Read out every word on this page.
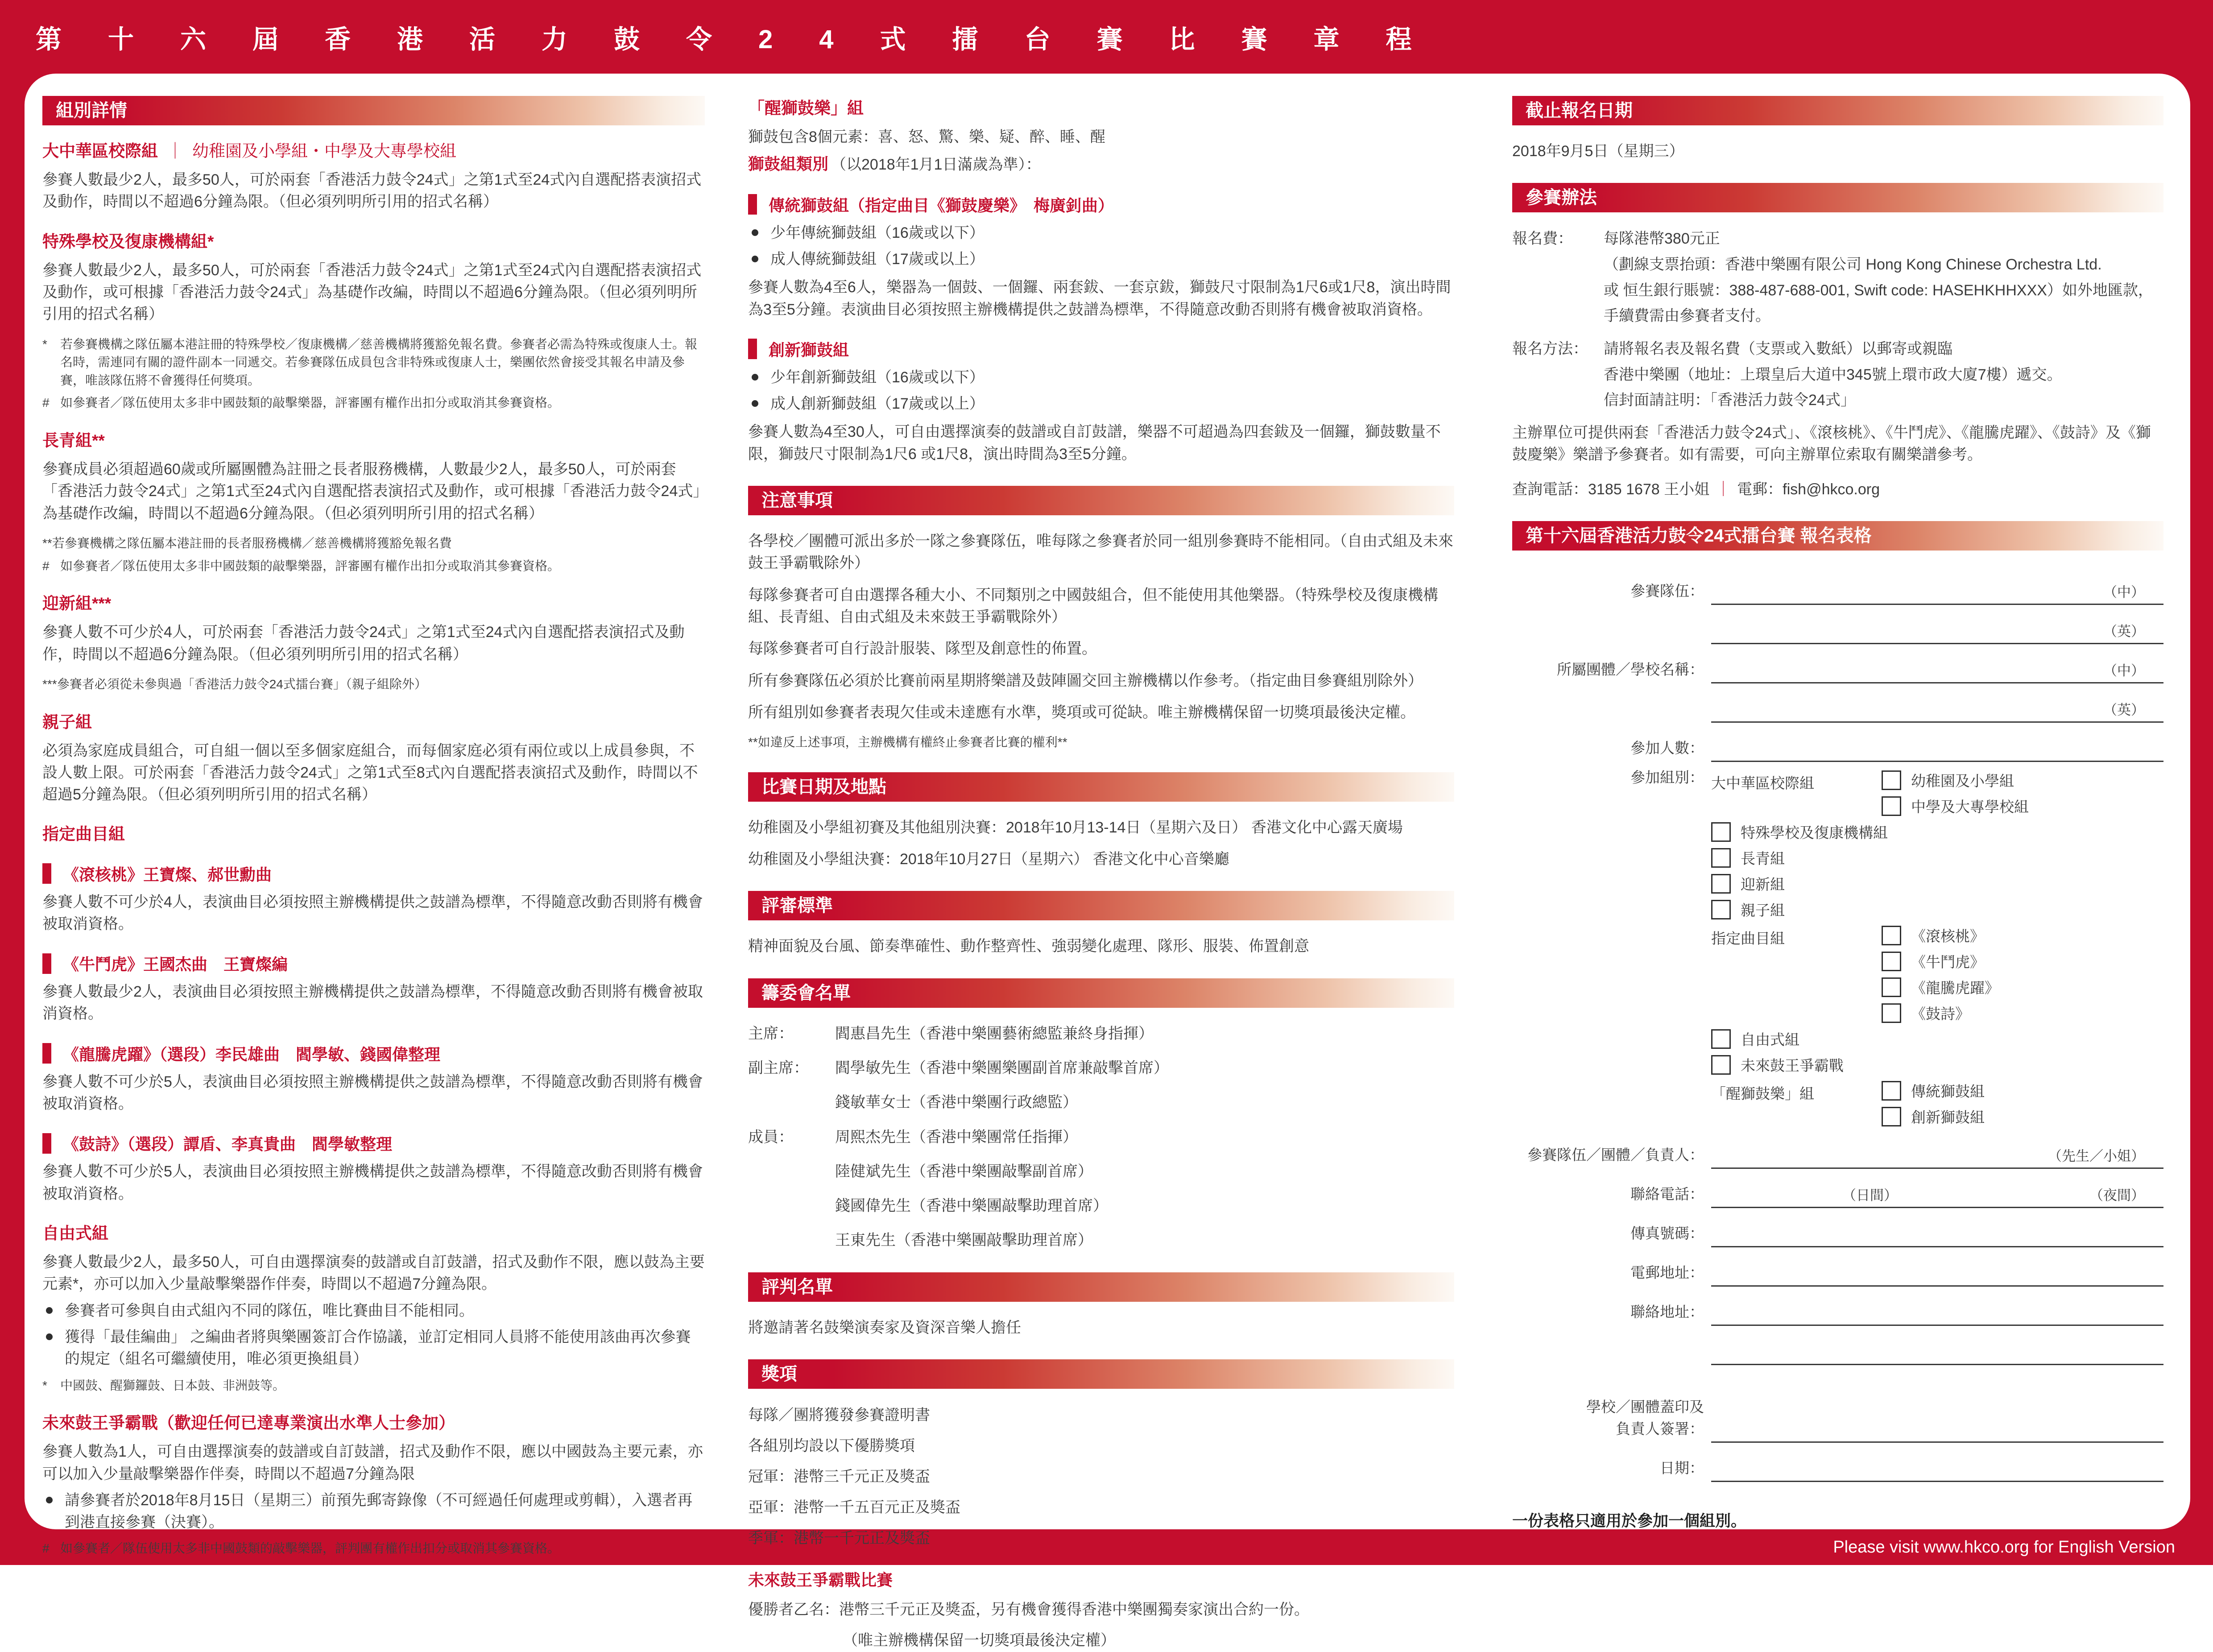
第十六屆香港活力鼓令24式擂台賽比賽章程
組別詳情
大中華區校際組 ｜ 幼稚園及小學組・中學及大專學校組

參賽人數最少2人，最多50人，可於兩套「香港活力鼓令24式」之第1式至24式內自選配搭表演招式及動作，時間以不超過6分鐘為限。（但必須列明所引用的招式名稱）

特殊學校及復康機構組*

參賽人數最少2人，最多50人，可於兩套「香港活力鼓令24式」之第1式至24式內自選配搭表演招式及動作，或可根據「香港活力鼓令24式」為基礎作改編，時間以不超過6分鐘為限。（但必須列明所引用的招式名稱）

*	若參賽機構之隊伍屬本港註冊的特殊學校／復康機構／慈善機構將獲豁免報名費。參賽者必需為特殊或復康人士。報名時，需連同有關的證件副本一同遞交。若參賽隊伍成員包含非特殊或復康人士，樂團依然會接受其報名申請及參賽，唯該隊伍將不會獲得任何獎項。
# 如參賽者／隊伍使用太多非中國鼓類的敲擊樂器，評審團有權作出扣分或取消其參賽資格。
長青組**

參賽成員必須超過60歲或所屬團體為註冊之長者服務機構，人數最少2人，最多50人，可於兩套「香港活力鼓令24式」之第1式至24式內自選配搭表演招式及動作，或可根據「香港活力鼓令24式」為基礎作改編，時間以不超過6分鐘為限。（但必須列明所引用的招式名稱）

**若參賽機構之隊伍屬本港註冊的長者服務機構／慈善機構將獲豁免報名費

# 如參賽者／隊伍使用太多非中國鼓類的敲擊樂器，評審團有權作出扣分或取消其參賽資格。
迎新組***

參賽人數不可少於4人，可於兩套「香港活力鼓令24式」之第1式至24式內自選配搭表演招式及動作，時間以不超過6分鐘為限。（但必須列明所引用的招式名稱）

***參賽者必須從未參與過「香港活力鼓令24式擂台賽」（親子組除外）

親子組

必須為家庭成員組合，可自組一個以至多個家庭組合，而每個家庭必須有兩位或以上成員參與，不設人數上限。可於兩套「香港活力鼓令24式」之第1式至8式內自選配搭表演招式及動作，時間以不超過5分鐘為限。（但必須列明所引用的招式名稱）

指定曲目組
《滾核桃》王寶燦、郝世勳曲

參賽人數不可少於4人，表演曲目必須按照主辦機構提供之鼓譜為標準，不得隨意改動否則將有機會被取消資格。

《牛鬥虎》王國杰曲　王寶燦編

參賽人數最少2人，表演曲目必須按照主辦機構提供之鼓譜為標準，不得隨意改動否則將有機會被取消資格。

《龍騰虎躍》（選段）李民雄曲　閻學敏、錢國偉整理

參賽人數不可少於5人，表演曲目必須按照主辦機構提供之鼓譜為標準，不得隨意改動否則將有機會被取消資格。

《鼓詩》（選段）譚盾、李真貴曲　閻學敏整理

參賽人數不可少於5人，表演曲目必須按照主辦機構提供之鼓譜為標準，不得隨意改動否則將有機會被取消資格。

自由式組

參賽人數最少2人，最多50人，可自由選擇演奏的鼓譜或自訂鼓譜，招式及動作不限，應以鼓為主要元素*，亦可以加入少量敲擊樂器作伴奏，時間以不超過7分鐘為限。

參賽者可參與自由式組內不同的隊伍，唯比賽曲目不能相同。
獲得「最佳編曲」 之編曲者將與樂團簽訂合作協議，並訂定相同人員將不能使用該曲再次參賽的規定（組名可繼續使用，唯必須更換組員）
*	中國鼓、醒獅鑼鼓、日本鼓、非洲鼓等。
未來鼓王爭霸戰（歡迎任何已達專業演出水準人士參加）

參賽人數為1人，可自由選擇演奏的鼓譜或自訂鼓譜，招式及動作不限，應以中國鼓為主要元素，亦可以加入少量敲擊樂器作伴奏，時間以不超過7分鐘為限

請參賽者於2018年8月15日（星期三）前預先郵寄錄像（不可經過任何處理或剪輯），入選者再到港直接參賽（決賽）。
# 如參賽者／隊伍使用太多非中國鼓類的敲擊樂器，評判團有權作出扣分或取消其參賽資格。
「醒獅鼓樂」組

獅鼓包含8個元素：喜、怒、驚、樂、疑、醉、睡、醒

獅鼓組類別 （以2018年1月1日滿歲為準）：

傳統獅鼓組（指定曲目《獅鼓慶樂》　梅廣釗曲）
少年傳統獅鼓組（16歲或以下）
成人傳統獅鼓組（17歲或以上）

參賽人數為4至6人，樂器為一個鼓、一個鑼、兩套鈸、一套京鈸，獅鼓尺寸限制為1尺6或1尺8，演出時間為3至5分鐘。表演曲目必須按照主辦機構提供之鼓譜為標準，不得隨意改動否則將有機會被取消資格。

創新獅鼓組
少年創新獅鼓組（16歲或以下）
成人創新獅鼓組（17歲或以上）

參賽人數為4至30人，可自由選擇演奏的鼓譜或自訂鼓譜，樂器不可超過為四套鈸及一個鑼，獅鼓數量不限，獅鼓尺寸限制為1尺6 或1尺8，演出時間為3至5分鐘。

注意事項

各學校／團體可派出多於一隊之參賽隊伍，唯每隊之參賽者於同一組別參賽時不能相同。（自由式組及未來鼓王爭霸戰除外）

每隊參賽者可自由選擇各種大小、不同類別之中國鼓組合，但不能使用其他樂器。（特殊學校及復康機構組、長青組、自由式組及未來鼓王爭霸戰除外）

每隊參賽者可自行設計服裝、隊型及創意性的佈置。

所有參賽隊伍必須於比賽前兩星期將樂譜及鼓陣圖交回主辦機構以作參考。（指定曲目參賽組別除外）

所有組別如參賽者表現欠佳或未達應有水準，獎項或可從缺。唯主辦機構保留一切獎項最後決定權。

**如違反上述事項，主辦機構有權終止參賽者比賽的權利**

比賽日期及地點

幼稚園及小學組初賽及其他組別決賽：2018年10月13-14日（星期六及日） 香港文化中心露天廣場

幼稚園及小學組決賽：2018年10月27日（星期六） 香港文化中心音樂廳

評審標準

精神面貌及台風、節奏準確性、動作整齊性、強弱變化處理、隊形、服裝、佈置創意

籌委會名單
主席：	閻惠昌先生（香港中樂團藝術總監兼終身指揮）
副主席：	閻學敏先生（香港中樂團樂團副首席兼敲擊首席）
錢敏華女士（香港中樂團行政總監）
成員：	周熙杰先生（香港中樂團常任指揮）
陸健斌先生（香港中樂團敲擊副首席）
錢國偉先生（香港中樂團敲擊助理首席）
王東先生（香港中樂團敲擊助理首席）
評判名單

將邀請著名鼓樂演奏家及資深音樂人擔任

獎項

每隊／團將獲發參賽證明書

各組別均設以下優勝獎項

冠軍：港幣三千元正及獎盃

亞軍：港幣一千五百元正及獎盃

季軍：港幣一千元正及獎盃

未來鼓王爭霸戰比賽

優勝者乙名：港幣三千元正及獎盃，另有機會獲得香港中樂團獨奏家演出合約一份。

（唯主辦機構保留一切獎項最後決定權）

截止報名日期

2018年9月5日（星期三）

參賽辦法
報名費：	每隊港幣380元正
（劃線支票抬頭：香港中樂團有限公司 Hong Kong Chinese Orchestra Ltd.
或 恒生銀行賬號：388-487-688-001, Swift code: HASEHKHHXXX）如外地匯款，
手續費需由參賽者支付。
報名方法：	請將報名表及報名費（支票或入數紙）以郵寄或親臨
香港中樂團（地址：上環皇后大道中345號上環市政大廈7樓）遞交。
信封面請註明：「香港活力鼓令24式」

主辦單位可提供兩套「香港活力鼓令24式」、《滾核桃》、《牛鬥虎》、《龍騰虎躍》、《鼓詩》及《獅鼓慶樂》樂譜予參賽者。如有需要，可向主辦單位索取有關樂譜參考。

查詢電話：3185 1678 王小姐 ｜ 電郵：fish@hkco.org

第十六屆香港活力鼓令24式擂台賽 報名表格
參賽隊伍：	（中）
（英）
所屬團體／學校名稱：	（中）
（英）
參加人數：
參加組別： 大中華區校際組	幼稚園及小學組
中學及大專學校組
特殊學校及復康機構組
長青組
迎新組
親子組
指定曲目組	《滾核桃》
《牛鬥虎》
《龍騰虎躍》
《鼓詩》
自由式組
未來鼓王爭霸戰
「醒獅鼓樂」組	傳統獅鼓組
創新獅鼓組
參賽隊伍／團體／負責人：	（先生／小姐）
聯絡電話：	（日間）	（夜間）
傳真號碼：
電郵地址：
聯絡地址：
學校／團體蓋印及
負責人簽署：
日期：

一份表格只適用於參加一個組別。

Please visit www.hkco.org for English Version
